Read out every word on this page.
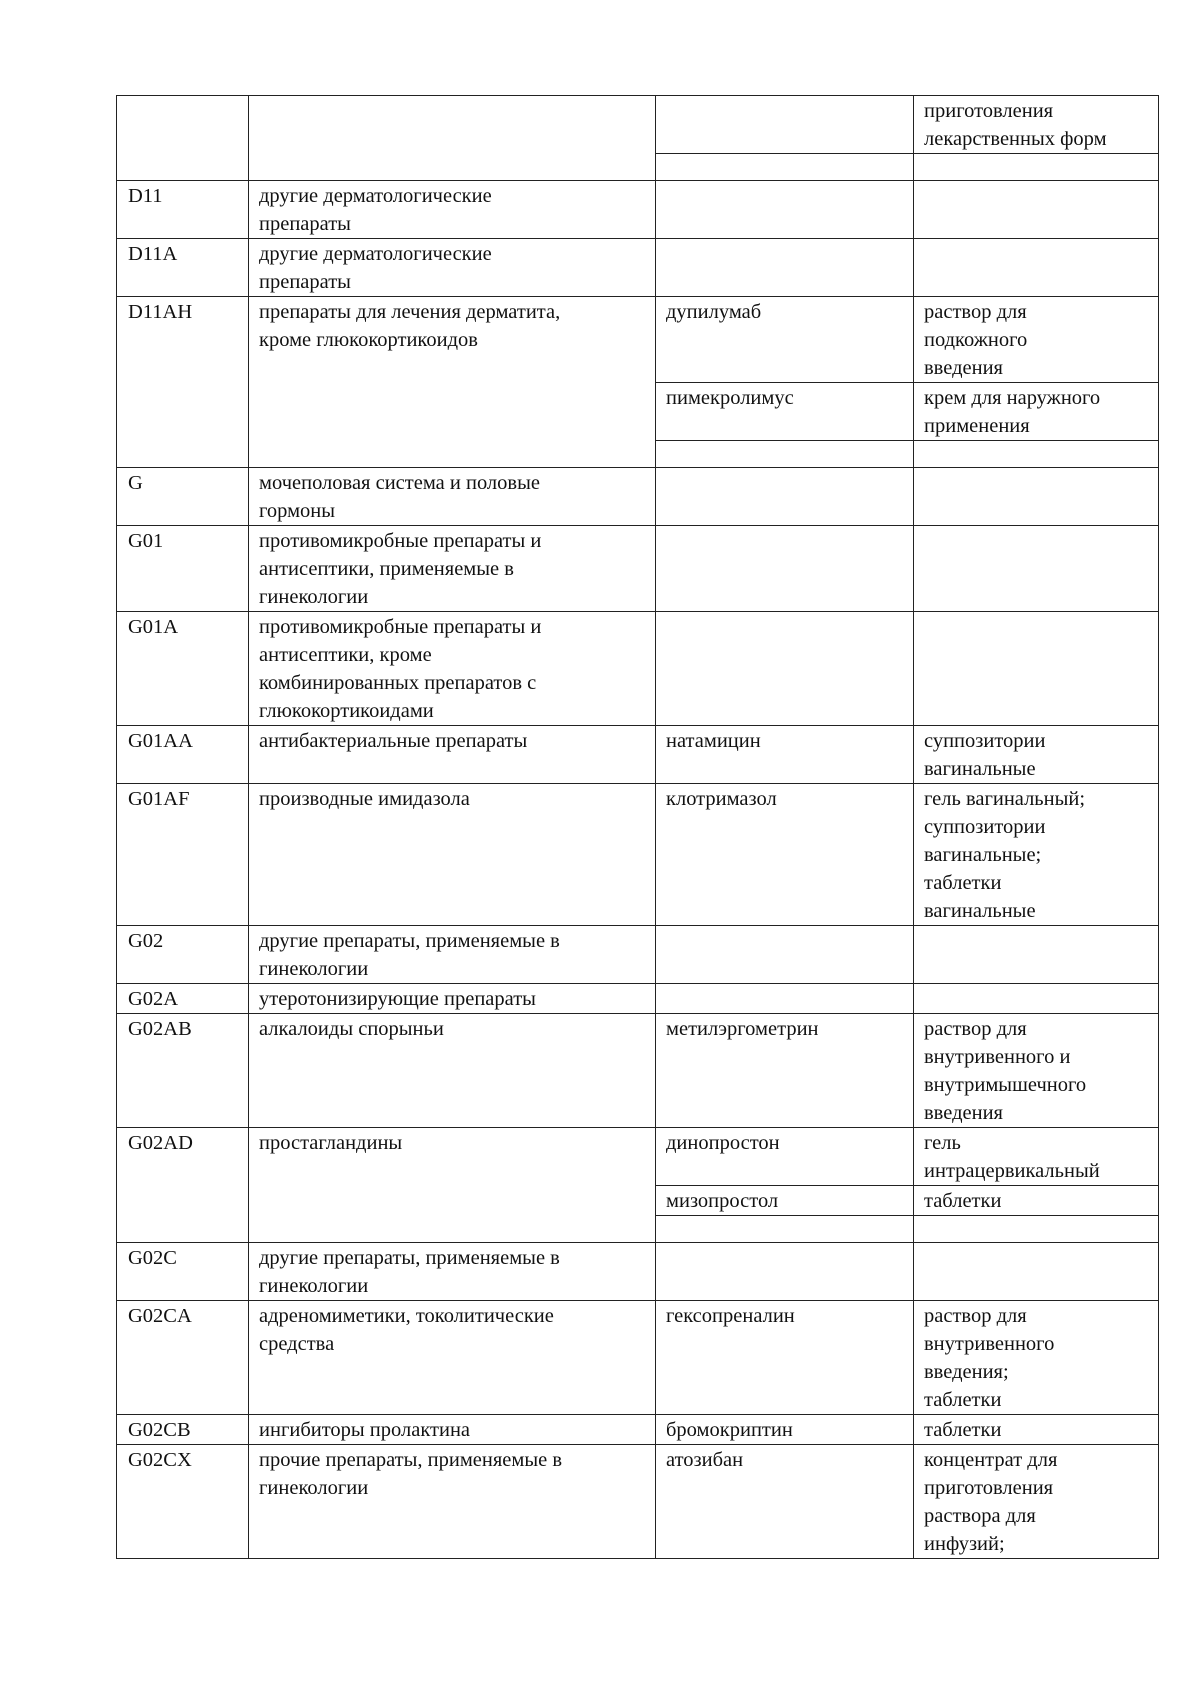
			приготовления
лекарственных форм

D11	другие дерматологические
препараты		

D11A	другие дерматологические
препараты		

D11AH	препараты для лечения дерматита,
кроме глюкокортикоидов	дупилумаб	раствор для
подкожного
введения

		пимекролимус	крем для наружного
применения

G	мочеполовая система и половые
гормоны		

G01	противомикробные препараты и
антисептики, применяемые в
гинекологии		

G01A	противомикробные препараты и
антисептики, кроме
комбинированных препаратов с
глюкокортикоидами		

G01AA	антибактериальные препараты	натамицин	суппозитории
вагинальные

G01AF	производные имидазола	клотримазол	гель вагинальный;
суппозитории
вагинальные;
таблетки
вагинальные

G02	другие препараты, применяемые в
гинекологии		

G02A	утеротонизирующие препараты		

G02AB	алкалоиды спорыньи	метилэргометрин	раствор для
внутривенного и
внутримышечного
введения

G02AD	простагландины	динопростон	гель
интрацервикальный

		мизопростол	таблетки

G02C	другие препараты, применяемые в
гинекологии		

G02CA	адреномиметики, токолитические
средства	гексопреналин	раствор для
внутривенного
введения;
таблетки

G02CB	ингибиторы пролактина	бромокриптин	таблетки

G02CX	прочие препараты, применяемые в
гинекологии	атозибан	концентрат для
приготовления
раствора для
инфузий;
